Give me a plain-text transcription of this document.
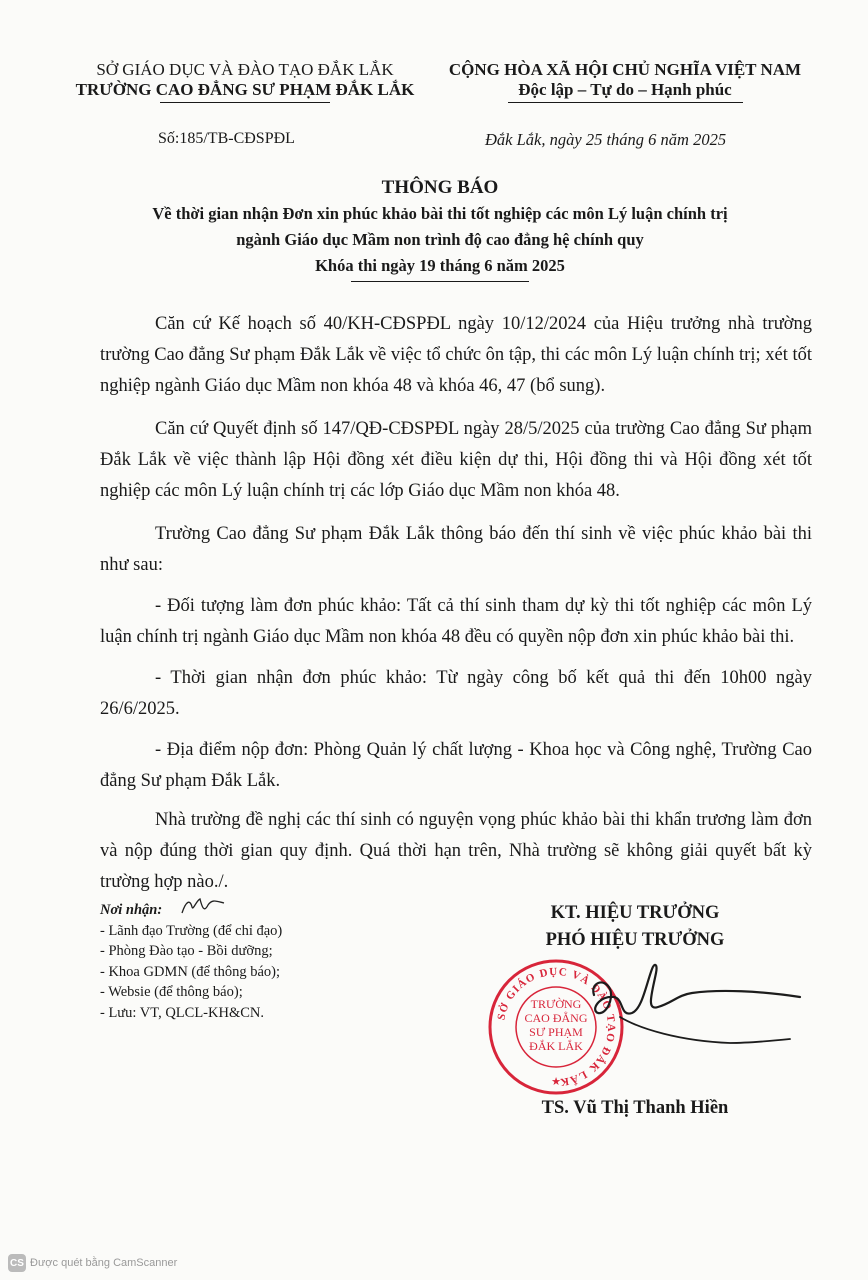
SỞ GIÁO DỤC VÀ ĐÀO TẠO ĐẮK LẮK
TRƯỜNG CAO ĐẲNG SƯ PHẠM ĐẮK LẮK
Số:185/TB-CĐSPĐL
CỘNG HÒA XÃ HỘI CHỦ NGHĨA VIỆT NAM
Độc lập – Tự do – Hạnh phúc
Đắk Lắk, ngày 25 tháng 6 năm 2025
THÔNG BÁO
Về thời gian nhận Đơn xin phúc khảo bài thi tốt nghiệp các môn Lý luận chính trị
ngành Giáo dục Mầm non trình độ cao đẳng hệ chính quy
Khóa thi ngày 19 tháng 6 năm 2025

Căn cứ Kế hoạch số 40/KH-CĐSPĐL ngày 10/12/2024 của Hiệu trưởng nhà trường trường Cao đẳng Sư phạm Đắk Lắk về việc tổ chức ôn tập, thi các môn Lý luận chính trị; xét tốt nghiệp ngành Giáo dục Mầm non khóa 48 và khóa 46, 47 (bổ sung).

Căn cứ Quyết định số 147/QĐ-CĐSPĐL ngày 28/5/2025 của trường Cao đẳng Sư phạm Đắk Lắk về việc thành lập Hội đồng xét điều kiện dự thi, Hội đồng thi và Hội đồng xét tốt nghiệp các môn Lý luận chính trị các lớp Giáo dục Mầm non khóa 48.

Trường Cao đẳng Sư phạm Đắk Lắk thông báo đến thí sinh về việc phúc khảo bài thi như sau:

- Đối tượng làm đơn phúc khảo: Tất cả thí sinh tham dự kỳ thi tốt nghiệp các môn Lý luận chính trị ngành Giáo dục Mầm non khóa 48 đều có quyền nộp đơn xin phúc khảo bài thi.

- Thời gian nhận đơn phúc khảo: Từ ngày công bố kết quả thi đến 10h00 ngày 26/6/2025.

- Địa điểm nộp đơn: Phòng Quản lý chất lượng - Khoa học và Công nghệ, Trường Cao đẳng Sư phạm Đắk Lắk.

Nhà trường đề nghị các thí sinh có nguyện vọng phúc khảo bài thi khẩn trương làm đơn và nộp đúng thời gian quy định. Quá thời hạn trên, Nhà trường sẽ không giải quyết bất kỳ trường hợp nào./.

Nơi nhận:
- Lãnh đạo Trường (để chỉ đạo)
- Phòng Đào tạo - Bồi dưỡng;
- Khoa GDMN (để thông báo);
- Websie (để thông báo);
- Lưu: VT, QLCL-KH&CN.
KT. HIỆU TRƯỞNG
PHÓ HIỆU TRƯỞNG
SỞ GIÁO DỤC VÀ ĐÀO TẠO ĐẮK LẮK
TRƯỜNG
CAO ĐẲNG
SƯ PHẠM
ĐẮK LẮK
★
TS. Vũ Thị Thanh Hiền
CS Được quét bằng CamScanner
